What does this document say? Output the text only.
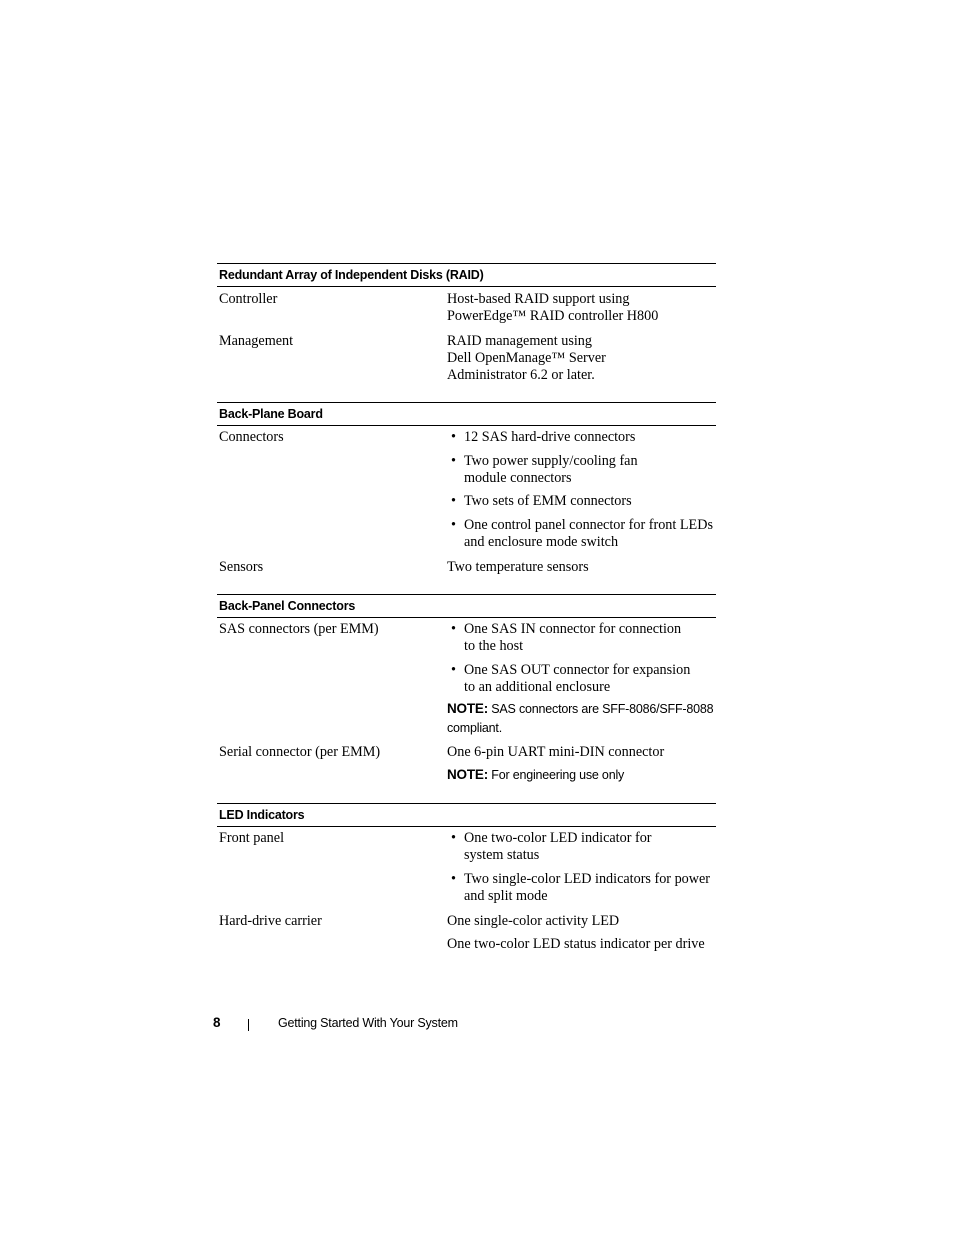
Redundant Array of Independent Disks (RAID)
Controller	Host-based RAID support using
PowerEdge™ RAID controller H800
Management	RAID management using
Dell OpenManage™ Server
Administrator 6.2 or later.
Back-Plane Board
Connectors	• 12 SAS hard-drive connectors
• Two power supply/cooling fan
module connectors
• Two sets of EMM connectors
• One control panel connector for front LEDs
and enclosure mode switch
Sensors	Two temperature sensors
Back-Panel Connectors
SAS connectors (per EMM)	• One SAS IN connector for connection
to the host
• One SAS OUT connector for expansion
to an additional enclosure
NOTE: SAS connectors are SFF-8086/SFF-8088
compliant.
Serial connector (per EMM)	One 6-pin UART mini-DIN connector
NOTE: For engineering use only
LED Indicators
Front panel	• One two-color LED indicator for
system status
• Two single-color LED indicators for power
and split mode
Hard-drive carrier	One single-color activity LED
One two-color LED status indicator per drive
8	Getting Started With Your System
